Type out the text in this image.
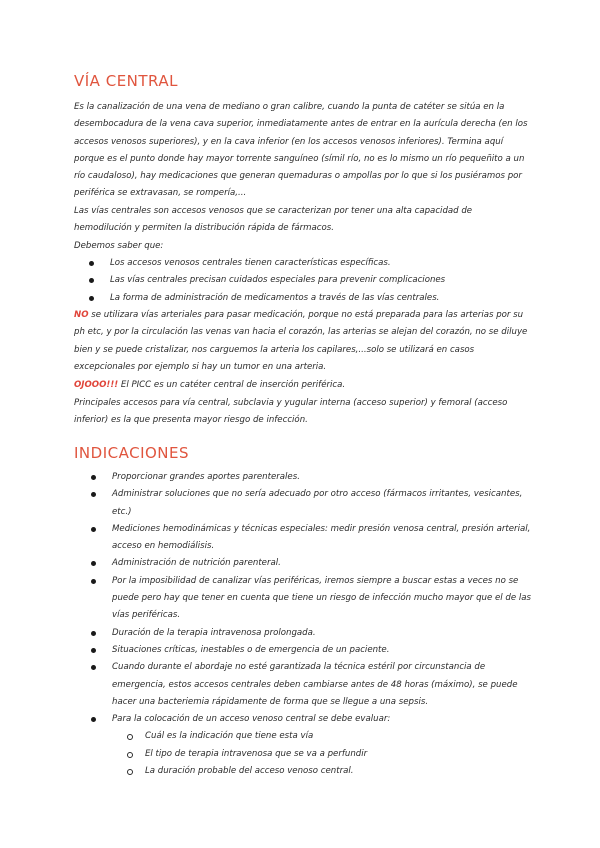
VÍA CENTRAL
Es la canalización de una vena de mediano o gran calibre, cuando la punta de catéter se sitúa en la desembocadura de la vena cava superior, inmediatamente antes de entrar en la aurícula derecha (en los accesos venosos superiores), y en la cava inferior (en los accesos venosos inferiores). Termina aquí porque es el punto donde hay mayor torrente sanguíneo (símil río, no es lo mismo un río pequeñito a un río caudaloso), hay medicaciones que generan quemaduras o ampollas por lo que si los pusiéramos por periférica se extravasan, se rompería,...
Las vías centrales son accesos venosos que se caracterizan por tener una alta capacidad de hemodilución y permiten la distribución rápida de fármacos.
Debemos saber que:
Los accesos venosos centrales tienen características específicas.
Las vías centrales precisan cuidados especiales para prevenir complicaciones
La forma de administración de medicamentos a través de las vías centrales.
NO se utilizara vías arteriales para pasar medicación, porque no está preparada para las arterias por su ph etc, y por la circulación las venas van hacia el corazón, las arterias se alejan del corazón, no se diluye bien y se puede cristalizar, nos carguemos la arteria los capilares,...solo se utilizará en casos excepcionales por ejemplo si hay un tumor en una arteria.
OJOOO!!! El PICC es un catéter central de inserción periférica.
Principales accesos para vía central, subclavia y yugular interna (acceso superior) y femoral (acceso inferior) es la que presenta mayor riesgo de infección.
INDICACIONES
Proporcionar grandes aportes parenterales.
Administrar soluciones que no sería adecuado por otro acceso (fármacos irritantes, vesicantes, etc.)
Mediciones hemodinámicas y técnicas especiales: medir presión venosa central, presión arterial, acceso en hemodiálisis.
Administración de nutrición parenteral.
Por la imposibilidad de canalizar vías periféricas, iremos siempre a buscar estas a veces no se puede pero hay que tener en cuenta que tiene un riesgo de infección mucho mayor que el de las vías periféricas.
Duración de la terapia intravenosa prolongada.
Situaciones críticas, inestables o de emergencia de un paciente.
Cuando durante el abordaje no esté garantizada la técnica estéril por circunstancia de emergencia, estos accesos centrales deben cambiarse antes de 48 horas (máximo), se puede hacer una bacteriemia rápidamente de forma que se llegue a una sepsis.
Para la colocación de un acceso venoso central se debe evaluar:
Cuál es la indicación que tiene esta vía
El tipo de terapia intravenosa que se va a perfundir
La duración probable del acceso venoso central.
